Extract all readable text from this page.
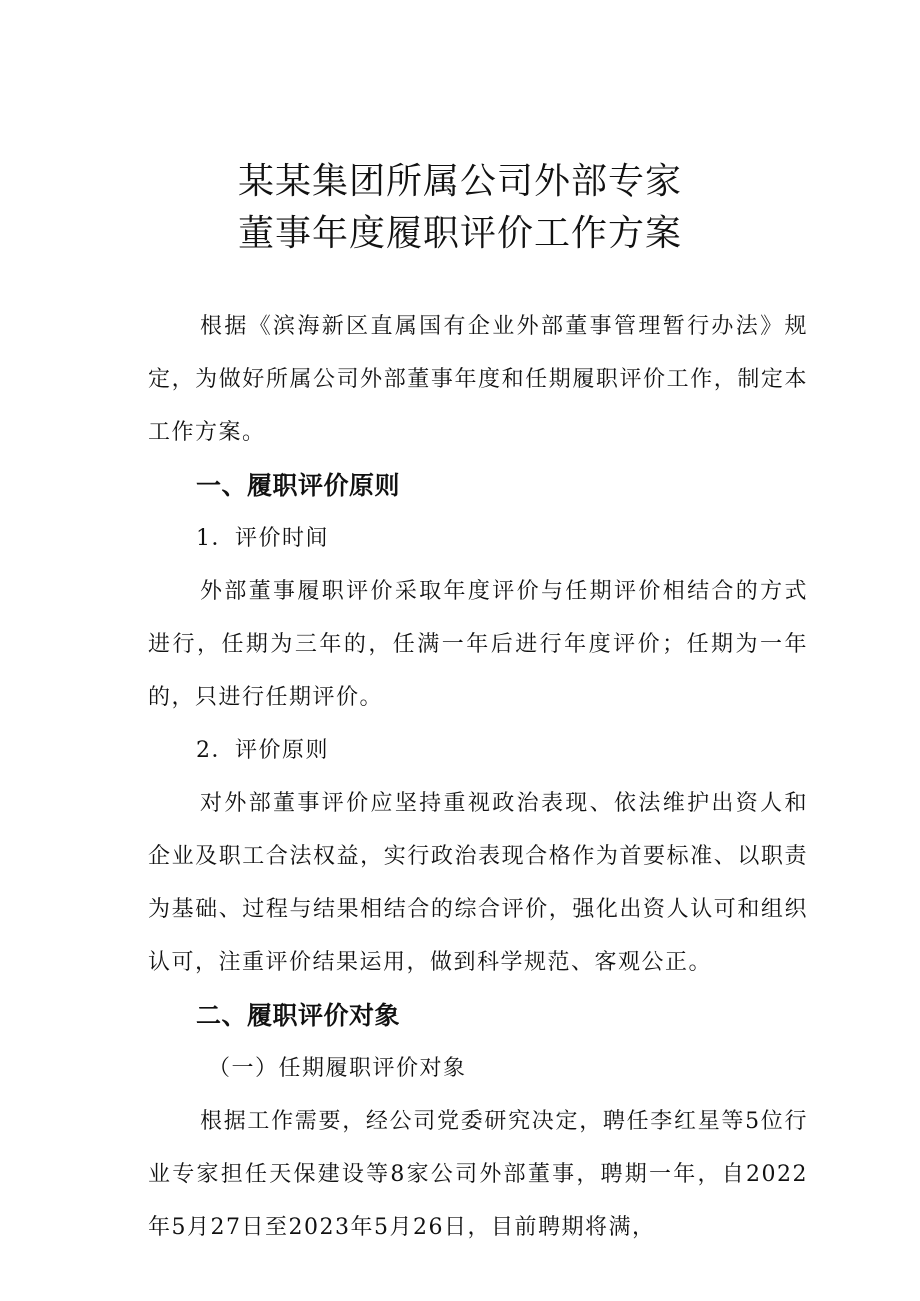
某某集团所属公司外部专家
董事年度履职评价工作方案

根据《滨海新区直属国有企业外部董事管理暂行办法》规定，为做好所属公司外部董事年度和任期履职评价工作，制定本工作方案。

一、履职评价原则

1．评价时间

外部董事履职评价采取年度评价与任期评价相结合的方式进行，任期为三年的，任满一年后进行年度评价；任期为一年的，只进行任期评价。

2．评价原则

对外部董事评价应坚持重视政治表现、依法维护出资人和企业及职工合法权益，实行政治表现合格作为首要标准、以职责为基础、过程与结果相结合的综合评价，强化出资人认可和组织认可，注重评价结果运用，做到科学规范、客观公正。

二、履职评价对象

（一）任期履职评价对象

根据工作需要，经公司党委研究决定，聘任李红星等5位行业专家担任天保建设等8家公司外部董事，聘期一年，自2022年5月27日至2023年5月26日，目前聘期将满，
